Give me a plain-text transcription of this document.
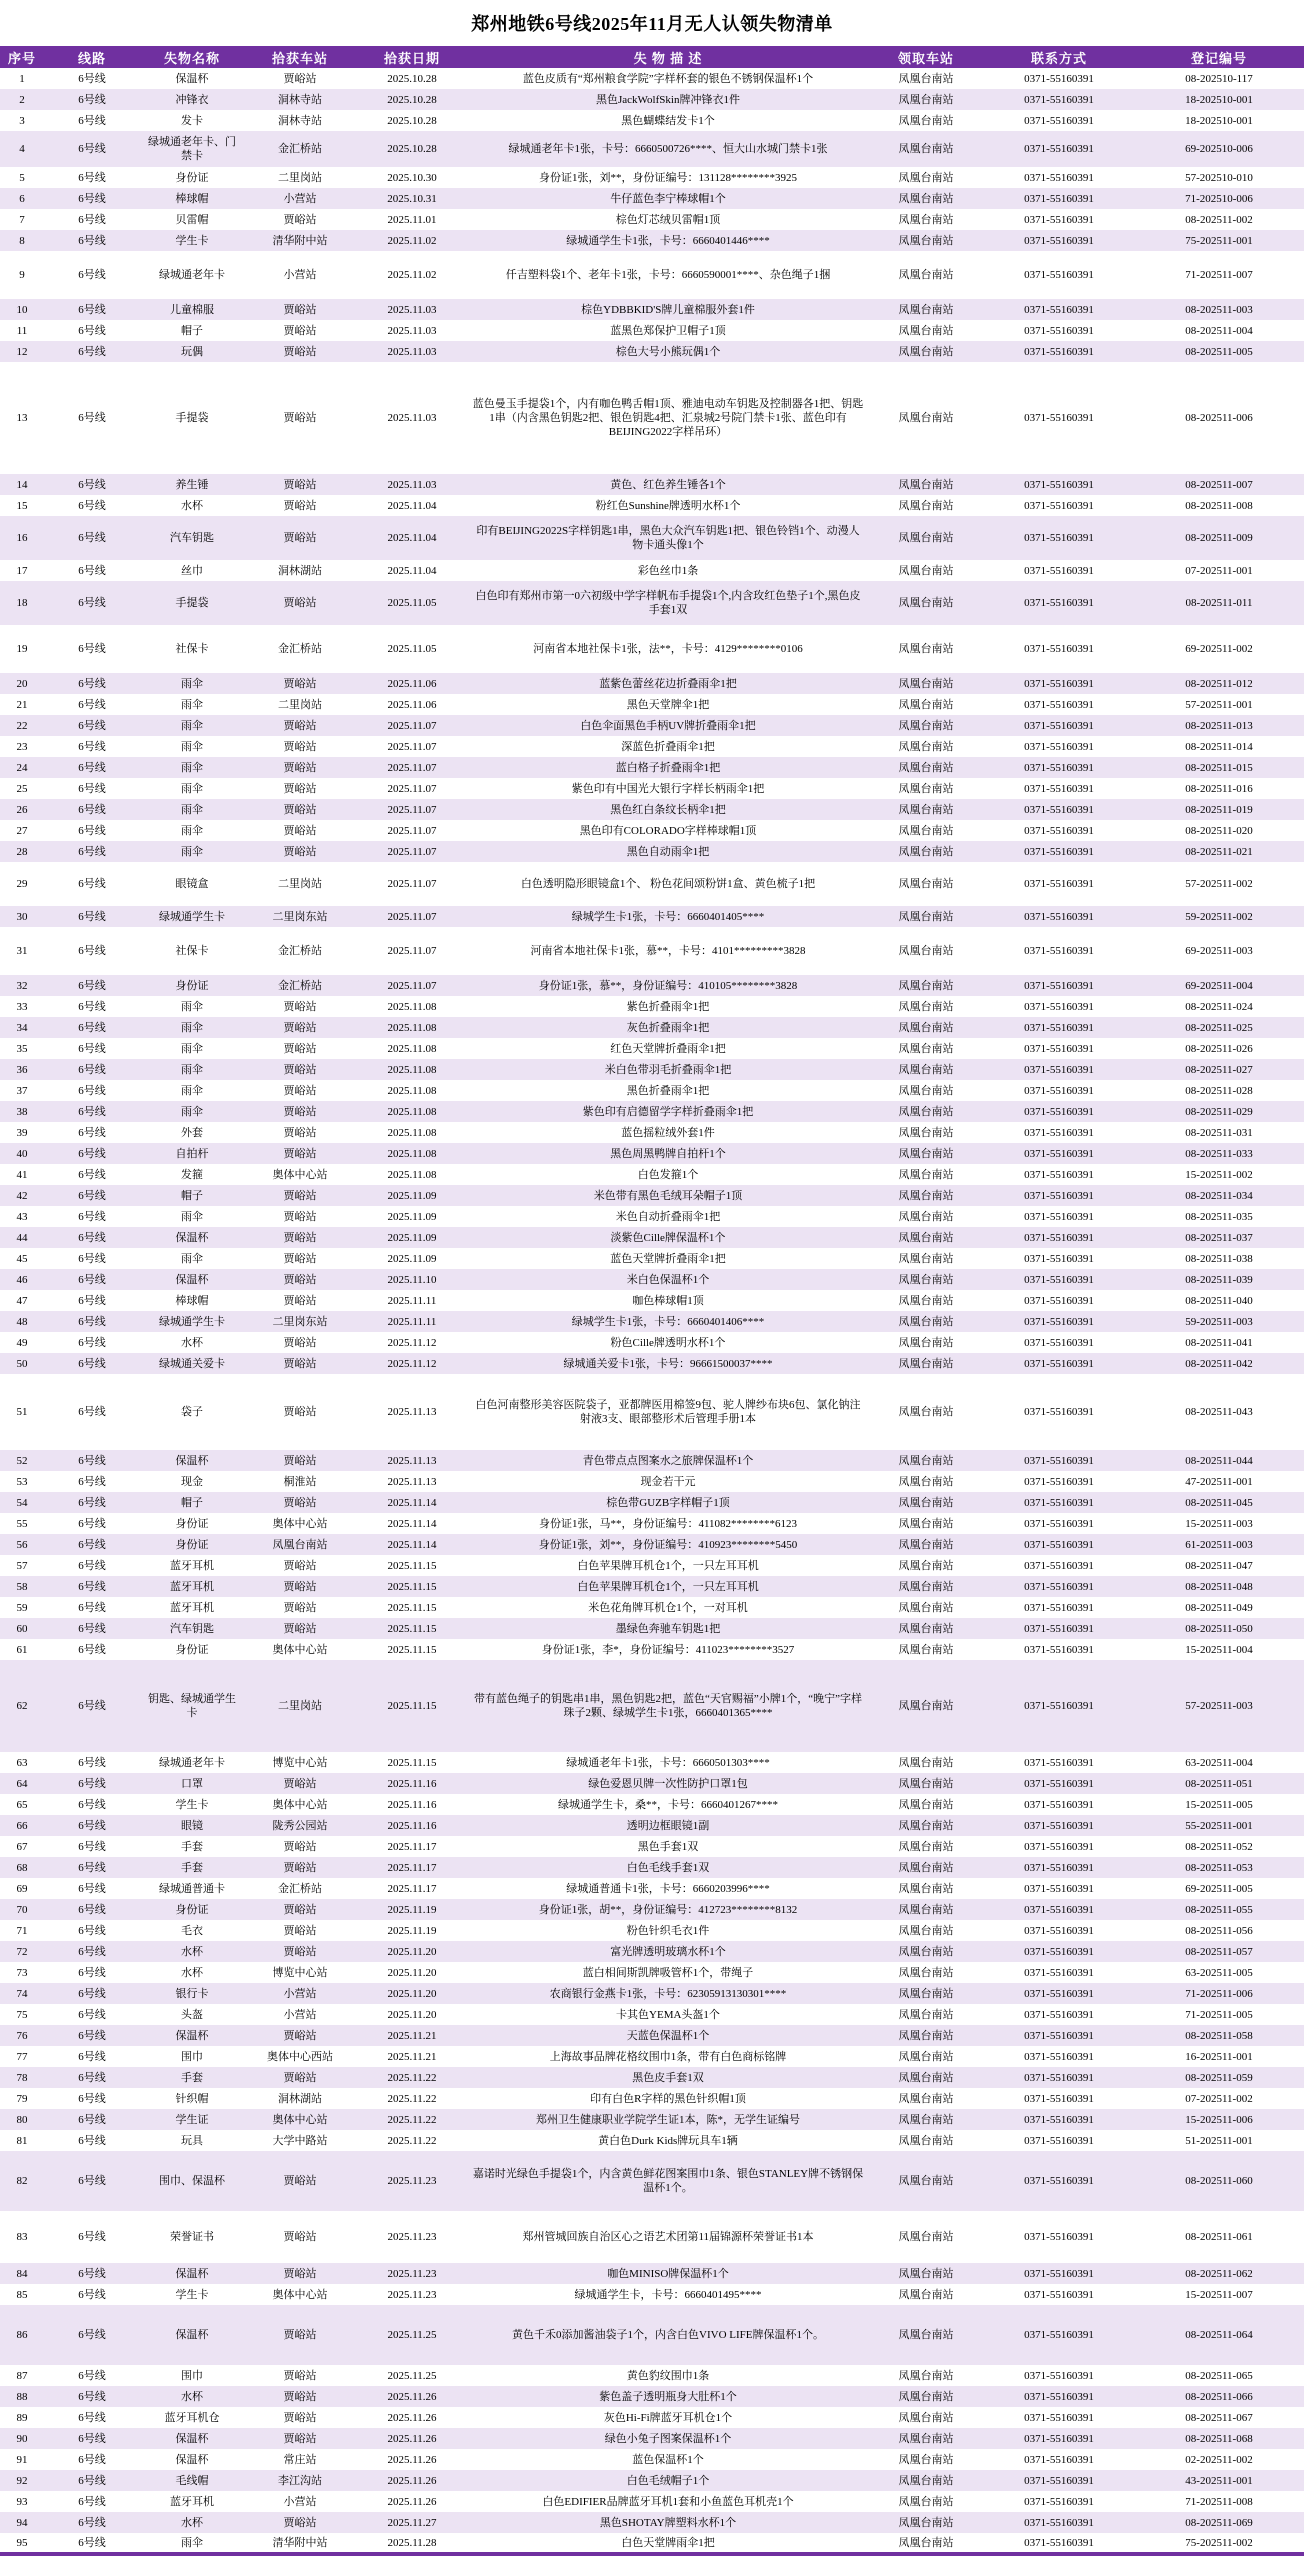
郑州地铁6号线2025年11月无人认领失物清单
序号	线路	失物名称	拾获车站	拾获日期	失 物 描 述	领取车站	联系方式	登记编号
1	6号线	保温杯	贾峪站	2025.10.28	蓝色皮质有“郑州粮食学院”字样杯套的银色不锈钢保温杯1个	凤凰台南站	0371-55160391	08-202510-117
2	6号线	冲锋衣	洞林寺站	2025.10.28	黑色JackWolfSkin牌冲锋衣1件	凤凰台南站	0371-55160391	18-202510-001
3	6号线	发卡	洞林寺站	2025.10.28	黑色蝴蝶结发卡1个	凤凰台南站	0371-55160391	18-202510-001
4	6号线	绿城通老年卡、门禁卡	金汇桥站	2025.10.28	绿城通老年卡1张，卡号：6660500726****、恒大山水城门禁卡1张	凤凰台南站	0371-55160391	69-202510-006
5	6号线	身份证	二里岗站	2025.10.30	身份证1张，刘**，身份证编号：131128********3925	凤凰台南站	0371-55160391	57-202510-010
6	6号线	棒球帽	小营站	2025.10.31	牛仔蓝色李宁棒球帽1个	凤凰台南站	0371-55160391	71-202510-006
7	6号线	贝雷帽	贾峪站	2025.11.01	棕色灯芯绒贝雷帽1顶	凤凰台南站	0371-55160391	08-202511-002
8	6号线	学生卡	清华附中站	2025.11.02	绿城通学生卡1张，卡号：6660401446****	凤凰台南站	0371-55160391	75-202511-001
9	6号线	绿城通老年卡	小营站	2025.11.02	仟吉塑料袋1个、老年卡1张，卡号：6660590001****、杂色绳子1捆	凤凰台南站	0371-55160391	71-202511-007
10	6号线	儿童棉服	贾峪站	2025.11.03	棕色YDBBKID'S牌儿童棉服外套1件	凤凰台南站	0371-55160391	08-202511-003
11	6号线	帽子	贾峪站	2025.11.03	蓝黑色郑保护卫帽子1顶	凤凰台南站	0371-55160391	08-202511-004
12	6号线	玩偶	贾峪站	2025.11.03	棕色大号小熊玩偶1个	凤凰台南站	0371-55160391	08-202511-005
13	6号线	手提袋	贾峪站	2025.11.03	蓝色曼玉手提袋1个，内有咖色鸭舌帽1顶、雅迪电动车钥匙及控制器各1把、钥匙1串（内含黑色钥匙2把、银色钥匙4把、汇泉城2号院门禁卡1张、蓝色印有BEIJING2022字样吊环）	凤凰台南站	0371-55160391	08-202511-006
14	6号线	养生锤	贾峪站	2025.11.03	黄色、红色养生锤各1个	凤凰台南站	0371-55160391	08-202511-007
15	6号线	水杯	贾峪站	2025.11.04	粉红色Sunshine牌透明水杯1个	凤凰台南站	0371-55160391	08-202511-008
16	6号线	汽车钥匙	贾峪站	2025.11.04	印有BEIJING2022S字样钥匙1串，黑色大众汽车钥匙1把、银色铃铛1个、动漫人物卡通头像1个	凤凰台南站	0371-55160391	08-202511-009
17	6号线	丝巾	洞林湖站	2025.11.04	彩色丝巾1条	凤凰台南站	0371-55160391	07-202511-001
18	6号线	手提袋	贾峪站	2025.11.05	白色印有郑州市第一0六初级中学字样帆布手提袋1个,内含玫红色垫子1个,黑色皮手套1双	凤凰台南站	0371-55160391	08-202511-011
19	6号线	社保卡	金汇桥站	2025.11.05	河南省本地社保卡1张，法**，卡号：4129********0106	凤凰台南站	0371-55160391	69-202511-002
20	6号线	雨伞	贾峪站	2025.11.06	蓝紫色蕾丝花边折叠雨伞1把	凤凰台南站	0371-55160391	08-202511-012
21	6号线	雨伞	二里岗站	2025.11.06	黑色天堂牌伞1把	凤凰台南站	0371-55160391	57-202511-001
22	6号线	雨伞	贾峪站	2025.11.07	白色伞面黑色手柄UV牌折叠雨伞1把	凤凰台南站	0371-55160391	08-202511-013
23	6号线	雨伞	贾峪站	2025.11.07	深蓝色折叠雨伞1把	凤凰台南站	0371-55160391	08-202511-014
24	6号线	雨伞	贾峪站	2025.11.07	蓝白格子折叠雨伞1把	凤凰台南站	0371-55160391	08-202511-015
25	6号线	雨伞	贾峪站	2025.11.07	紫色印有中国光大银行字样长柄雨伞1把	凤凰台南站	0371-55160391	08-202511-016
26	6号线	雨伞	贾峪站	2025.11.07	黑色红白条纹长柄伞1把	凤凰台南站	0371-55160391	08-202511-019
27	6号线	雨伞	贾峪站	2025.11.07	黑色印有COLORADO字样棒球帽1顶	凤凰台南站	0371-55160391	08-202511-020
28	6号线	雨伞	贾峪站	2025.11.07	黑色自动雨伞1把	凤凰台南站	0371-55160391	08-202511-021
29	6号线	眼镜盒	二里岗站	2025.11.07	白色透明隐形眼镜盒1个、 粉色花间颂粉饼1盒、黄色梳子1把	凤凰台南站	0371-55160391	57-202511-002
30	6号线	绿城通学生卡	二里岗东站	2025.11.07	绿城学生卡1张，卡号：6660401405****	凤凰台南站	0371-55160391	59-202511-002
31	6号线	社保卡	金汇桥站	2025.11.07	河南省本地社保卡1张，慕**，卡号：4101*********3828	凤凰台南站	0371-55160391	69-202511-003
32	6号线	身份证	金汇桥站	2025.11.07	身份证1张，慕**，身份证编号：410105********3828	凤凰台南站	0371-55160391	69-202511-004
33	6号线	雨伞	贾峪站	2025.11.08	紫色折叠雨伞1把	凤凰台南站	0371-55160391	08-202511-024
34	6号线	雨伞	贾峪站	2025.11.08	灰色折叠雨伞1把	凤凰台南站	0371-55160391	08-202511-025
35	6号线	雨伞	贾峪站	2025.11.08	红色天堂牌折叠雨伞1把	凤凰台南站	0371-55160391	08-202511-026
36	6号线	雨伞	贾峪站	2025.11.08	米白色带羽毛折叠雨伞1把	凤凰台南站	0371-55160391	08-202511-027
37	6号线	雨伞	贾峪站	2025.11.08	黑色折叠雨伞1把	凤凰台南站	0371-55160391	08-202511-028
38	6号线	雨伞	贾峪站	2025.11.08	紫色印有启德留学字样折叠雨伞1把	凤凰台南站	0371-55160391	08-202511-029
39	6号线	外套	贾峪站	2025.11.08	蓝色摇粒绒外套1件	凤凰台南站	0371-55160391	08-202511-031
40	6号线	自拍杆	贾峪站	2025.11.08	黑色周黑鸭牌自拍杆1个	凤凰台南站	0371-55160391	08-202511-033
41	6号线	发箍	奥体中心站	2025.11.08	白色发箍1个	凤凰台南站	0371-55160391	15-202511-002
42	6号线	帽子	贾峪站	2025.11.09	米色带有黑色毛绒耳朵帽子1顶	凤凰台南站	0371-55160391	08-202511-034
43	6号线	雨伞	贾峪站	2025.11.09	米色自动折叠雨伞1把	凤凰台南站	0371-55160391	08-202511-035
44	6号线	保温杯	贾峪站	2025.11.09	淡紫色Cille牌保温杯1个	凤凰台南站	0371-55160391	08-202511-037
45	6号线	雨伞	贾峪站	2025.11.09	蓝色天堂牌折叠雨伞1把	凤凰台南站	0371-55160391	08-202511-038
46	6号线	保温杯	贾峪站	2025.11.10	米白色保温杯1个	凤凰台南站	0371-55160391	08-202511-039
47	6号线	棒球帽	贾峪站	2025.11.11	咖色棒球帽1顶	凤凰台南站	0371-55160391	08-202511-040
48	6号线	绿城通学生卡	二里岗东站	2025.11.11	绿城学生卡1张，卡号：6660401406****	凤凰台南站	0371-55160391	59-202511-003
49	6号线	水杯	贾峪站	2025.11.12	粉色Cille牌透明水杯1个	凤凰台南站	0371-55160391	08-202511-041
50	6号线	绿城通关爱卡	贾峪站	2025.11.12	绿城通关爱卡1张，卡号：96661500037****	凤凰台南站	0371-55160391	08-202511-042
51	6号线	袋子	贾峪站	2025.11.13	白色河南整形美容医院袋子，亚都牌医用棉签9包、驼人牌纱布块6包、氯化钠注射液3支、眼部整形术后管理手册1本	凤凰台南站	0371-55160391	08-202511-043
52	6号线	保温杯	贾峪站	2025.11.13	青色带点点图案水之旅牌保温杯1个	凤凰台南站	0371-55160391	08-202511-044
53	6号线	现金	桐淮站	2025.11.13	现金若干元	凤凰台南站	0371-55160391	47-202511-001
54	6号线	帽子	贾峪站	2025.11.14	棕色带GUZB字样帽子1顶	凤凰台南站	0371-55160391	08-202511-045
55	6号线	身份证	奥体中心站	2025.11.14	身份证1张，马**，身份证编号：411082********6123	凤凰台南站	0371-55160391	15-202511-003
56	6号线	身份证	凤凰台南站	2025.11.14	身份证1张，刘**，身份证编号：410923********5450	凤凰台南站	0371-55160391	61-202511-003
57	6号线	蓝牙耳机	贾峪站	2025.11.15	白色苹果牌耳机仓1个，一只左耳耳机	凤凰台南站	0371-55160391	08-202511-047
58	6号线	蓝牙耳机	贾峪站	2025.11.15	白色苹果牌耳机仓1个，一只左耳耳机	凤凰台南站	0371-55160391	08-202511-048
59	6号线	蓝牙耳机	贾峪站	2025.11.15	米色花角牌耳机仓1个，一对耳机	凤凰台南站	0371-55160391	08-202511-049
60	6号线	汽车钥匙	贾峪站	2025.11.15	墨绿色奔驰车钥匙1把	凤凰台南站	0371-55160391	08-202511-050
61	6号线	身份证	奥体中心站	2025.11.15	身份证1张，李*，身份证编号：411023********3527	凤凰台南站	0371-55160391	15-202511-004
62	6号线	钥匙、绿城通学生卡	二里岗站	2025.11.15	带有蓝色绳子的钥匙串1串，黑色钥匙2把，蓝色“天官赐福”小牌1个，“晚宁”字样珠子2颗、绿城学生卡1张，6660401365****	凤凰台南站	0371-55160391	57-202511-003
63	6号线	绿城通老年卡	博览中心站	2025.11.15	绿城通老年卡1张，卡号：6660501303****	凤凰台南站	0371-55160391	63-202511-004
64	6号线	口罩	贾峪站	2025.11.16	绿色爱恩贝牌一次性防护口罩1包	凤凰台南站	0371-55160391	08-202511-051
65	6号线	学生卡	奥体中心站	2025.11.16	绿城通学生卡，桑**，卡号：6660401267****	凤凰台南站	0371-55160391	15-202511-005
66	6号线	眼镜	陇秀公园站	2025.11.16	透明边框眼镜1副	凤凰台南站	0371-55160391	55-202511-001
67	6号线	手套	贾峪站	2025.11.17	黑色手套1双	凤凰台南站	0371-55160391	08-202511-052
68	6号线	手套	贾峪站	2025.11.17	白色毛线手套1双	凤凰台南站	0371-55160391	08-202511-053
69	6号线	绿城通普通卡	金汇桥站	2025.11.17	绿城通普通卡1张，卡号：6660203996****	凤凰台南站	0371-55160391	69-202511-005
70	6号线	身份证	贾峪站	2025.11.19	身份证1张，胡**，身份证编号：412723********8132	凤凰台南站	0371-55160391	08-202511-055
71	6号线	毛衣	贾峪站	2025.11.19	粉色针织毛衣1件	凤凰台南站	0371-55160391	08-202511-056
72	6号线	水杯	贾峪站	2025.11.20	富光牌透明玻璃水杯1个	凤凰台南站	0371-55160391	08-202511-057
73	6号线	水杯	博览中心站	2025.11.20	蓝白相间斯凯牌吸管杯1个，带绳子	凤凰台南站	0371-55160391	63-202511-005
74	6号线	银行卡	小营站	2025.11.20	农商银行金燕卡1张，卡号：62305913130301****	凤凰台南站	0371-55160391	71-202511-006
75	6号线	头盔	小营站	2025.11.20	卡其色YEMA头盔1个	凤凰台南站	0371-55160391	71-202511-005
76	6号线	保温杯	贾峪站	2025.11.21	天蓝色保温杯1个	凤凰台南站	0371-55160391	08-202511-058
77	6号线	围巾	奥体中心西站	2025.11.21	上海故事品牌花格纹围巾1条，带有白色商标铭牌	凤凰台南站	0371-55160391	16-202511-001
78	6号线	手套	贾峪站	2025.11.22	黑色皮手套1双	凤凰台南站	0371-55160391	08-202511-059
79	6号线	针织帽	洞林湖站	2025.11.22	印有白色R字样的黑色针织帽1顶	凤凰台南站	0371-55160391	07-202511-002
80	6号线	学生证	奥体中心站	2025.11.22	郑州卫生健康职业学院学生证1本，陈*，无学生证编号	凤凰台南站	0371-55160391	15-202511-006
81	6号线	玩具	大学中路站	2025.11.22	黄白色Durk Kids牌玩具车1辆	凤凰台南站	0371-55160391	51-202511-001
82	6号线	围巾、保温杯	贾峪站	2025.11.23	嘉诺时光绿色手提袋1个，内含黄色鲜花图案围巾1条、银色STANLEY牌不锈钢保温杯1个。	凤凰台南站	0371-55160391	08-202511-060
83	6号线	荣誉证书	贾峪站	2025.11.23	郑州管城回族自治区心之语艺术团第11届锦源杯荣誉证书1本	凤凰台南站	0371-55160391	08-202511-061
84	6号线	保温杯	贾峪站	2025.11.23	咖色MINISO牌保温杯1个	凤凰台南站	0371-55160391	08-202511-062
85	6号线	学生卡	奥体中心站	2025.11.23	绿城通学生卡，卡号：6660401495****	凤凰台南站	0371-55160391	15-202511-007
86	6号线	保温杯	贾峪站	2025.11.25	黄色千禾0添加酱油袋子1个，内含白色VIVO LIFE牌保温杯1个。	凤凰台南站	0371-55160391	08-202511-064
87	6号线	围巾	贾峪站	2025.11.25	黄色豹纹围巾1条	凤凰台南站	0371-55160391	08-202511-065
88	6号线	水杯	贾峪站	2025.11.26	紫色盖子透明瓶身大肚杯1个	凤凰台南站	0371-55160391	08-202511-066
89	6号线	蓝牙耳机仓	贾峪站	2025.11.26	灰色Hi-Fi牌蓝牙耳机仓1个	凤凰台南站	0371-55160391	08-202511-067
90	6号线	保温杯	贾峪站	2025.11.26	绿色小兔子图案保温杯1个	凤凰台南站	0371-55160391	08-202511-068
91	6号线	保温杯	常庄站	2025.11.26	蓝色保温杯1个	凤凰台南站	0371-55160391	02-202511-002
92	6号线	毛线帽	李江沟站	2025.11.26	白色毛绒帽子1个	凤凰台南站	0371-55160391	43-202511-001
93	6号线	蓝牙耳机	小营站	2025.11.26	白色EDIFIER品牌蓝牙耳机1套和小鱼蓝色耳机壳1个	凤凰台南站	0371-55160391	71-202511-008
94	6号线	水杯	贾峪站	2025.11.27	黑色SHOTAY牌塑料水杯1个	凤凰台南站	0371-55160391	08-202511-069
95	6号线	雨伞	清华附中站	2025.11.28	白色天堂牌雨伞1把	凤凰台南站	0371-55160391	75-202511-002
